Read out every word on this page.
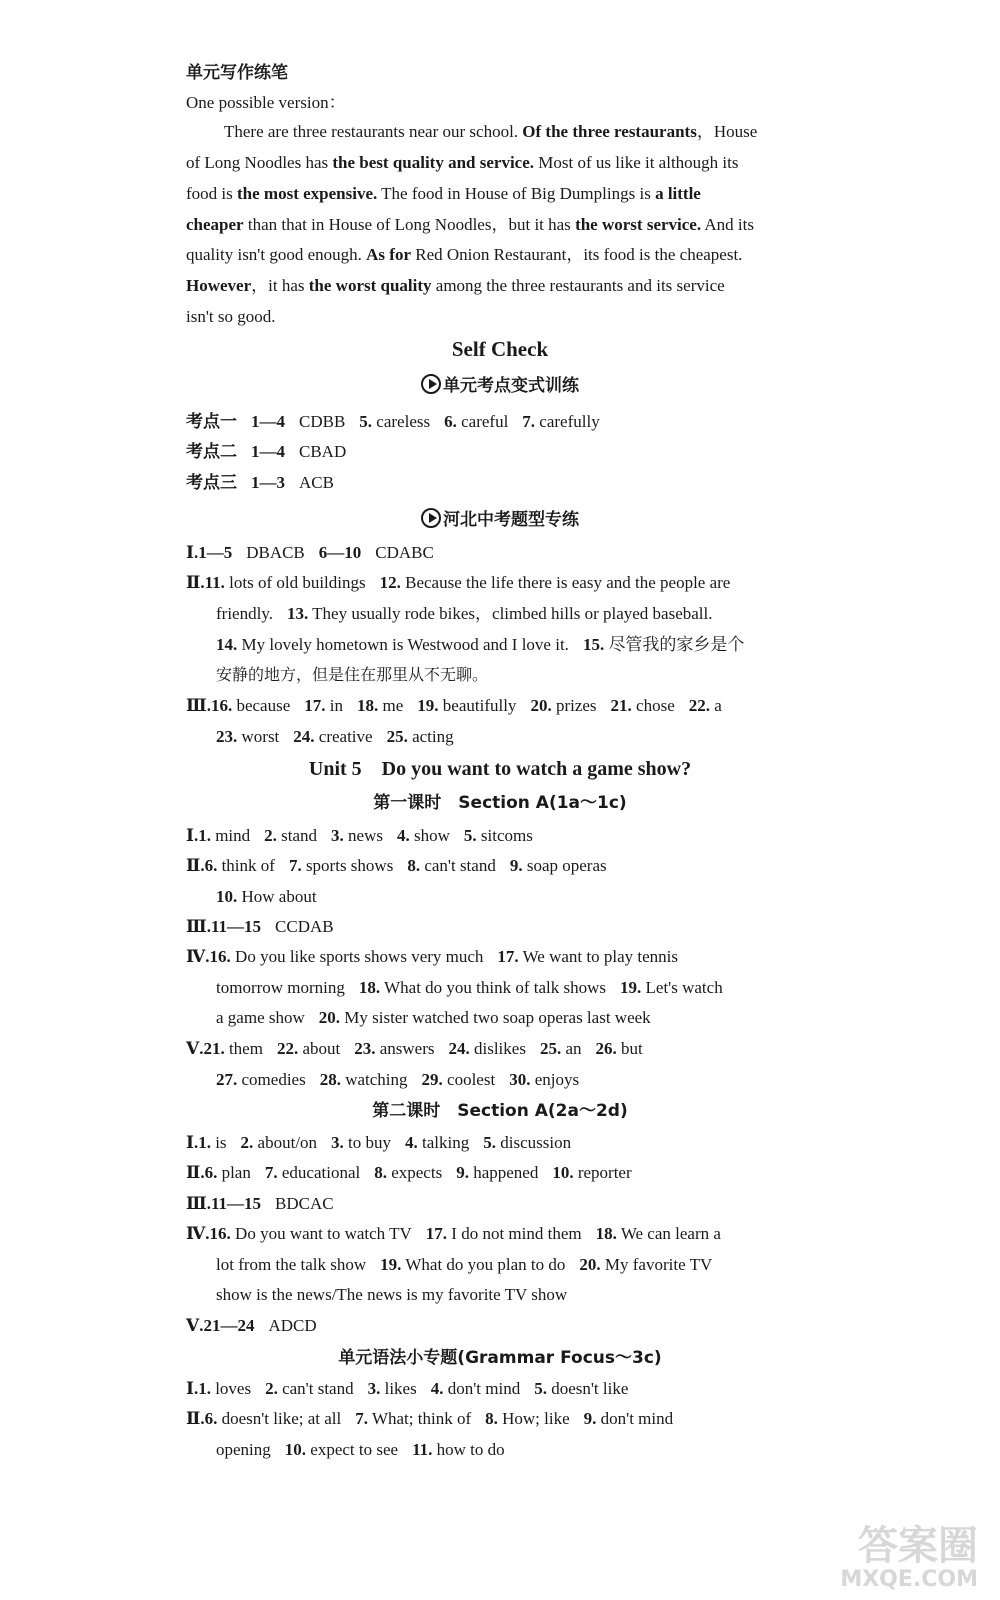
单元写作练笔
One possible version：
There are three restaurants near our school. Of the three restaurants，House
of Long Noodles has the best quality and service. Most of us like it although its
food is the most expensive. The food in House of Big Dumplings is a little
cheaper than that in House of Long Noodles，but it has the worst service. And its
quality isn't good enough. As for Red Onion Restaurant，its food is the cheapest.
However，it has the worst quality among the three restaurants and its service
isn't so good.
Self Check
单元考点变式训练
考点一 1—4 CDBB 5. careless 6. careful 7. carefully
考点二 1—4 CBAD
考点三 1—3 ACB
河北中考题型专练
Ⅰ.1—5 DBACB 6—10 CDABC
Ⅱ.11. lots of old buildings 12. Because the life there is easy and the people are
friendly. 13. They usually rode bikes，climbed hills or played baseball.
14. My lovely hometown is Westwood and I love it. 15. 尽管我的家乡是个
安静的地方，但是住在那里从不无聊。
Ⅲ.16. because 17. in 18. me 19. beautifully 20. prizes 21. chose 22. a
23. worst 24. creative 25. acting
Unit 5　Do you want to watch a game show?
第一课时　Section A(1a～1c)
Ⅰ.1. mind 2. stand 3. news 4. show 5. sitcoms
Ⅱ.6. think of 7. sports shows 8. can't stand 9. soap operas
10. How about
Ⅲ.11—15 CCDAB
Ⅳ.16. Do you like sports shows very much 17. We want to play tennis
tomorrow morning 18. What do you think of talk shows 19. Let's watch
a game show 20. My sister watched two soap operas last week
Ⅴ.21. them 22. about 23. answers 24. dislikes 25. an 26. but
27. comedies 28. watching 29. coolest 30. enjoys
第二课时　Section A(2a～2d)
Ⅰ.1. is 2. about/on 3. to buy 4. talking 5. discussion
Ⅱ.6. plan 7. educational 8. expects 9. happened 10. reporter
Ⅲ.11—15 BDCAC
Ⅳ.16. Do you want to watch TV 17. I do not mind them 18. We can learn a
lot from the talk show 19. What do you plan to do 20. My favorite TV
show is the news/The news is my favorite TV show
Ⅴ.21—24 ADCD
单元语法小专题(Grammar Focus～3c)
Ⅰ.1. loves 2. can't stand 3. likes 4. don't mind 5. doesn't like
Ⅱ.6. doesn't like; at all 7. What; think of 8. How; like 9. don't mind
opening 10. expect to see 11. how to do
答案圈
MXQE.COM
